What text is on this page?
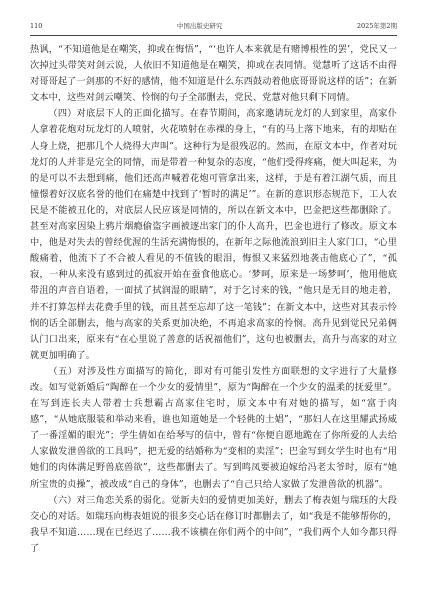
110	中国出版史研究	2025年第2期

热讽，“不知道他是在嘲笑，抑或在悔悟”，“‘也许人本来就是有赌博根性的罢’，党民又一次掉过头带笑对剑云说，人依旧不知道他是在嘲笑，抑或在表同情。觉慧听了这话不由得对哥哥起了一剑那的不好的感情，他不知道是什么东西鼓动着他底哥哥说这样的话”；在新文本中，这些对剑云嘲笑、怜悯的句子全部删去，党民、党慧对他只剩下同情。

（四）对底层下人的正面化描写。在春节期间，高家邀请玩龙灯的人到家里，高家仆人拿着花炮对玩龙灯的人喷射，火花喷射在赤裸的身上，“有的马上落下地来，有的却贴在人身上烧，把那几个人烧得大声叫”。这种行为是很残忍的。然而，在原文本中，作者对玩龙灯的人并非是完全的同情，而是带着一种复杂的态度，“他们受得疼痛，便大叫起来，为的是可以不去想到痛，他们还高声喊着花炮可管拿出来，这样，于是有着江湖气质，而且憧憬着好汉底名誉的他们在痛楚中找到了‘暂时的满足’”。在新的意识形态规范下，工人农民是不能被丑化的，对底层人民应该是同情的，所以在新文本中，巴金把这些都删除了。甚至对高家因染上鸦片烟瘾偷盗字画被逐出家门的仆人高升，巴金也进行了修改。原文本中，他是对失去的曾经优渥的生活充满悔恨的，在新年之际他流浪到旧主人家门口，“心里酸痛着，他流下了不合被人看见的不值钱的眼泪，悔恨又来猛烈地袭击他底心了”，“孤寂，一种从来没有感到过的孤寂开始在蚕食他底心。‘梦呵，原来是一场梦呵’，他用他底带沮的声音自语着，一面拭了拭润湿的眼睛”，对于乞讨来的钱，“他只是无目的地走着，并不打算怎样去花费手里的钱，而且甚至忘却了这一笔钱”；在新文本中，这些对其表示怜悯的话全部删去，他与高家的关系更加决绝，不再追求高家的怜悯。高升见到觉民兄弟俩认门口出来，原来有“在心里说了善意的话祝福他们”，这句也被删去，高升与高家的对立就更加明确了。

（五）对涉及性方面描写的简化，即对有可能引发性方面联想的文字进行了大量修改。如写觉新婚后“陶醉在一个少女的爱情里”，原为“陶醉在一个少女的温柔的抚爱里”。在写到连长夫人带着士兵想霸占高家住宅时，原文本中有对她的描写，如“富于肉感”，“从她底服装和举动来看，谁也知道她是一个轻佻的土娼”，“那妇人在这里耀武扬威了一番淫媚的眼光”；学生倩如在给琴写的信中，曾有“你便自愿地跪在了你所爱的人去给人家做发泄兽欲的工具吗”，把无爱的结婚称为“变相的卖淫”；巴金写到女学生时也有“用她们的肉体满足野兽底兽欲”，这些都删去了。写到鸣凤要被迫嫁给冯老太爷时，原有“她所宝贵的贞操”，被改成“自己的身体”，也删去了“自己只给人家做了发泄兽欲的机器”。

（六）对三角恋关系的弱化。觉新夫妇的爱情更加美好，删去了梅表姐与瑞珏的大段交心的对话。如瑞珏向梅表姐说的很多交心话在修订时都删去了，如“我是不能够帮你的，我早不知道……现在已经迟了……我不该横在你们两个的中间”，“我们两个人如今都只得了
